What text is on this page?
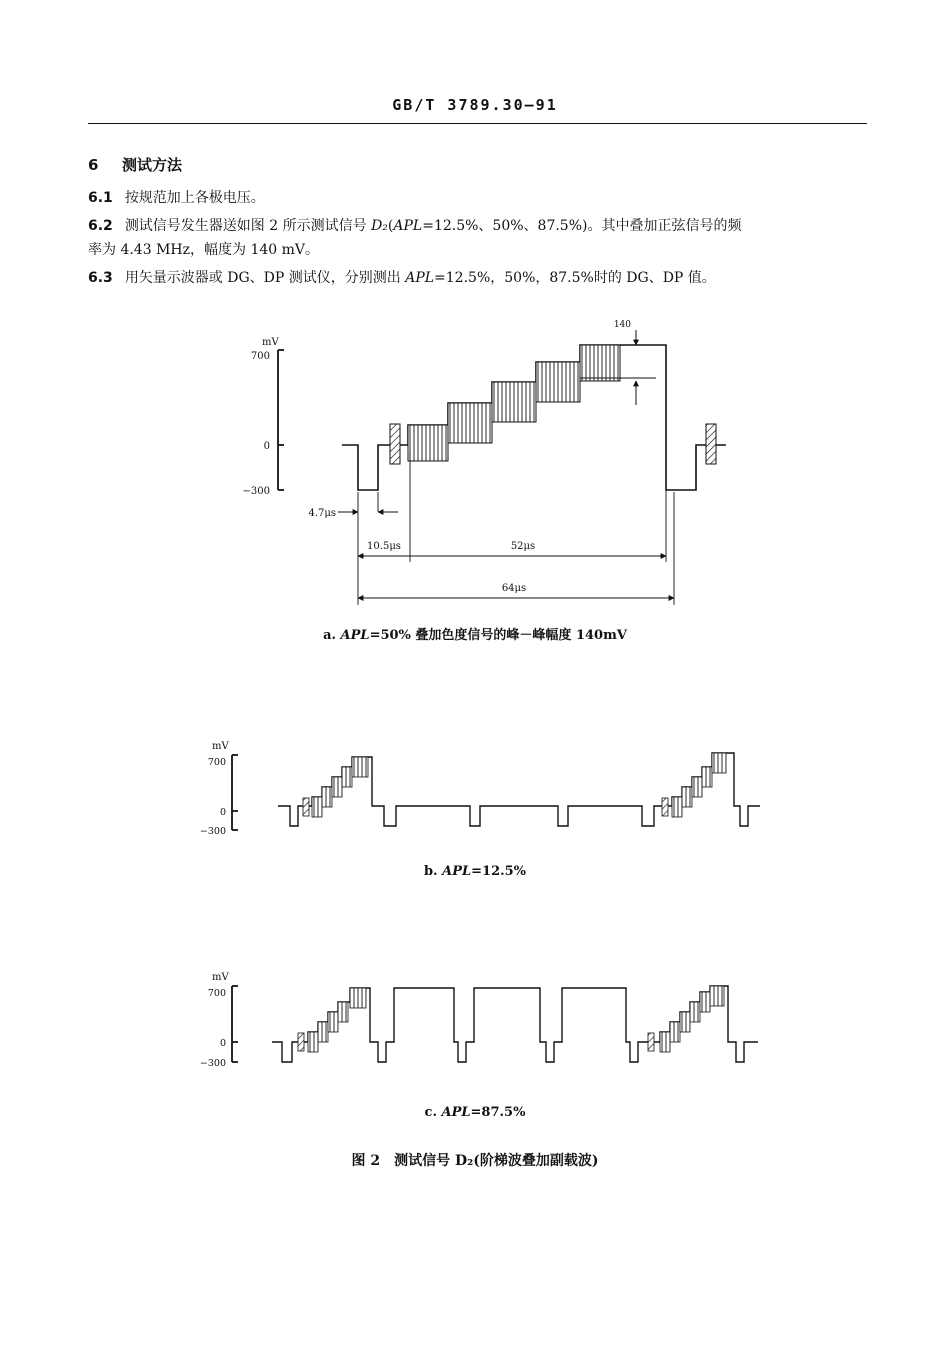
GB/T 3789.30—91
6 测试方法
6.1 按规范加上各极电压。
6.2 测试信号发生器送如图 2 所示测试信号 D₂(APL=12.5%、50%、87.5%)。其中叠加正弦信号的频
率为 4.43 MHz，幅度为 140 mV。
6.3 用矢量示波器或 DG、DP 测试仪，分别测出 APL=12.5%，50%，87.5%时的 DG、DP 值。
mV
700
0
−300
140
4.7μs
10.5μs	52μs
64μs
mV
700
0
−300
mV
700
0
−300
a. APL=50% 叠加色度信号的峰－峰幅度 140mV
b. APL=12.5%
c. APL=87.5%
图 2 测试信号 D₂(阶梯波叠加副载波)
